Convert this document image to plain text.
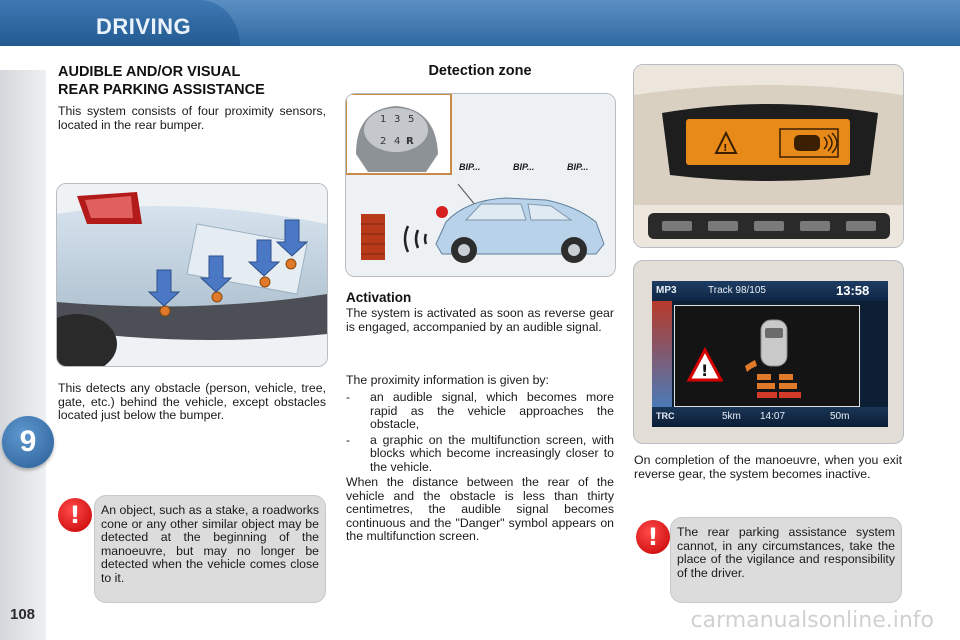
DRIVING
9
108
AUDIBLE AND/OR VISUAL
REAR PARKING ASSISTANCE
This system consists of four proximity sensors, located in the rear bumper.
This detects any obstacle (person, vehicle, tree, gate, etc.) behind the vehicle, except obstacles located just below the bumper.
!	An object, such as a stake, a roadworks cone or any other similar object may be detected at the beginning of the manoeuvre, but may no longer be detected when the vehicle comes close to it.
Detection zone
1 3 5
2 4 R
BIP...	BIP...	BIP...
Activation
The system is activated as soon as reverse gear is engaged, accompanied by an audible signal.
The proximity information is given by:
- an audible signal, which becomes more rapid as the vehicle approaches the obstacle,
- a graphic on the multifunction screen, with blocks which become increasingly closer to the vehicle.
When the distance between the rear of the vehicle and the obstacle is less than thirty centimetres, the audible signal becomes continuous and the "Danger" symbol appears on the multifunction screen.
!
MP3	Track 98/105	13:58
!
TRC	5km 14:07	50m
On completion of the manoeuvre, when you exit reverse gear, the system becomes inactive.
!	The rear parking assistance system cannot, in any circumstances, take the place of the vigilance and responsibility of the driver.
carmanualsonline.info
